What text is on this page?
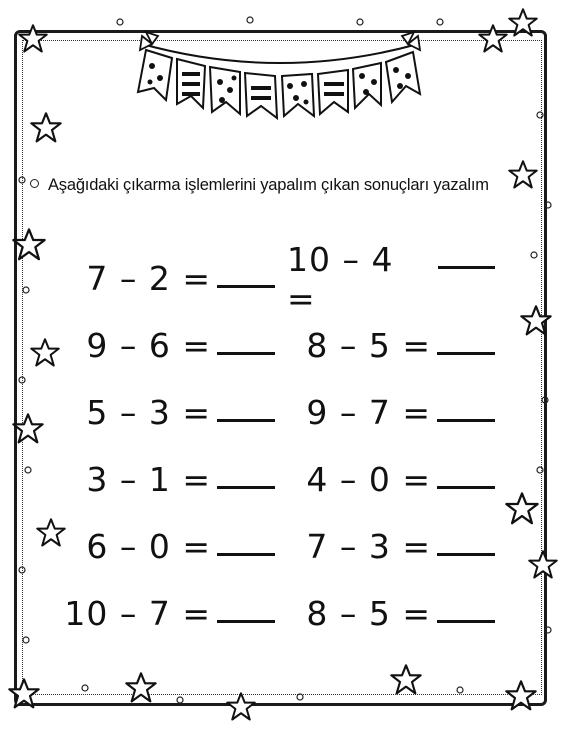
Aşağıdaki çıkarma işlemlerini yapalım çıkan sonuçları yazalım
7 – 2 = 10 – 4 =
9 – 6 =	8 – 5 =
5 – 3 =	9 – 7 =
3 – 1 =	4 – 0 =
6 – 0 =	7 – 3 =
10 – 7 =	8 – 5 =
